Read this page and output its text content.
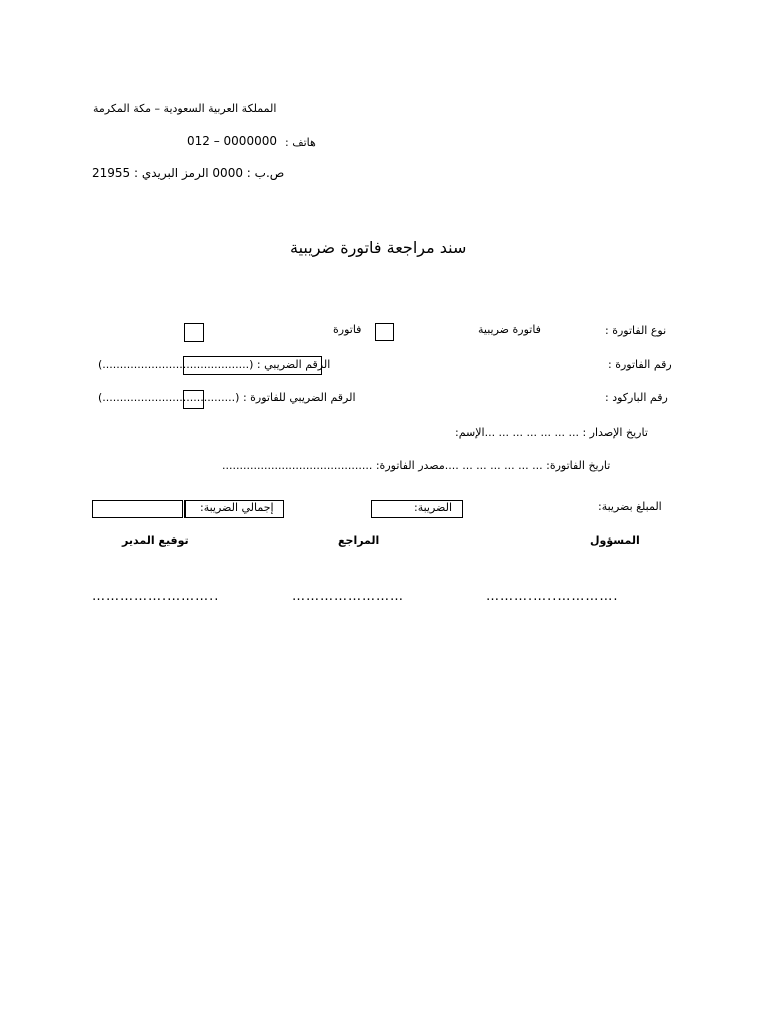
المملكة العربية السعودية – مكة المكرمة
هاتف :
012 – 0000000
ص.ب : 0000 الرمز البريدي : 21955
سند مراجعة فاتورة ضريبية
نوع الفاتورة :
فاتورة ضريبية
فاتورة
رقم الفاتورة :
الرقم الضريبي : (..........................................)
رقم الباركود :
الرقم الضريبي للفاتورة : (......................................)
تاريخ الإصدار : ... ... ... ... ... ... ...الإسم:
تاريخ الفاتورة: ... ... ... ... ... ... ....مصدر الفاتورة: ...........................................
المبلغ بضريبة:
الضريبة:
إجمالي الضريبة:
المسؤول
المراجع
توقيع المدير
……….…..………….
……………………
…………….………..
